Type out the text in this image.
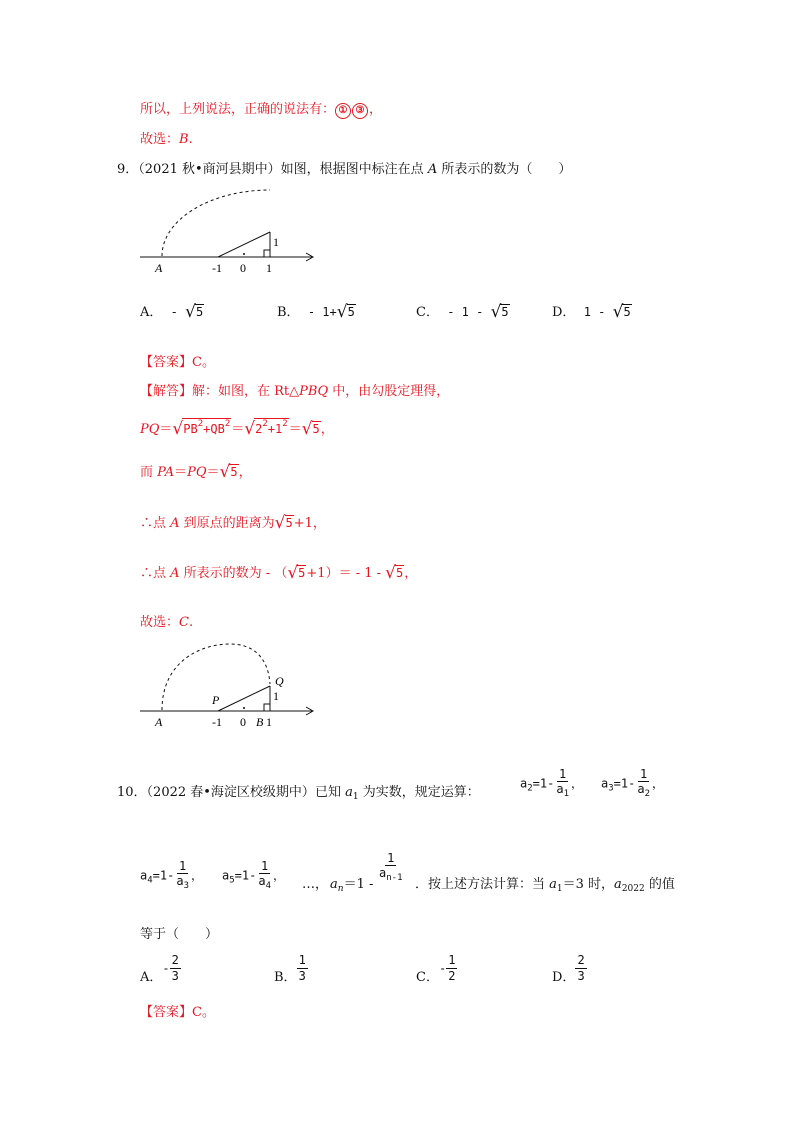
所以，上列说法，正确的说法有： ① ③ ，
故选：B.
9．（2021 秋•商河县期中）如图，根据图中标注在点 A 所表示的数为（　　）
A	-1 0 1
1
A． - √5	B． - 1+√5	C． - 1 - √5	D． 1 - √5
【答案】C。
【解答】解：如图，在 Rt△PBQ 中，由勾股定理得，
$PQ=√PB^2+QB^2=√2^2+1^2=√5$，
而 PA＝PQ＝√5，
∴点 A 到原点的距离为√5+1，
∴点 A 所表示的数为 - （√5+1）＝ - 1 - √5，
故选：C.
A
P
Q
-1 0 B 1
1
10．（2022 春•海淀区校级期中）已知 $a_1$ 为实数，规定运算：
$a_2=1- \frac{1}{a_1}$ ， $a_3=1- \frac{1}{a_2}$ ，
$a_4=1- \frac{1}{a_3}$ ， $a_5=1- \frac{1}{a_4}$ ，
…， $a_n=1$ -
$\frac{1}{a_{n-1}}$
．按上述方法计算：当 $a_1=3$ 时，$a_{2022}$ 的值
等于（　　）
A．- $\frac{2}{3}$	B． $\frac{1}{3}$	C．- $\frac{1}{2}$	D． $\frac{2}{3}$
【答案】C。
